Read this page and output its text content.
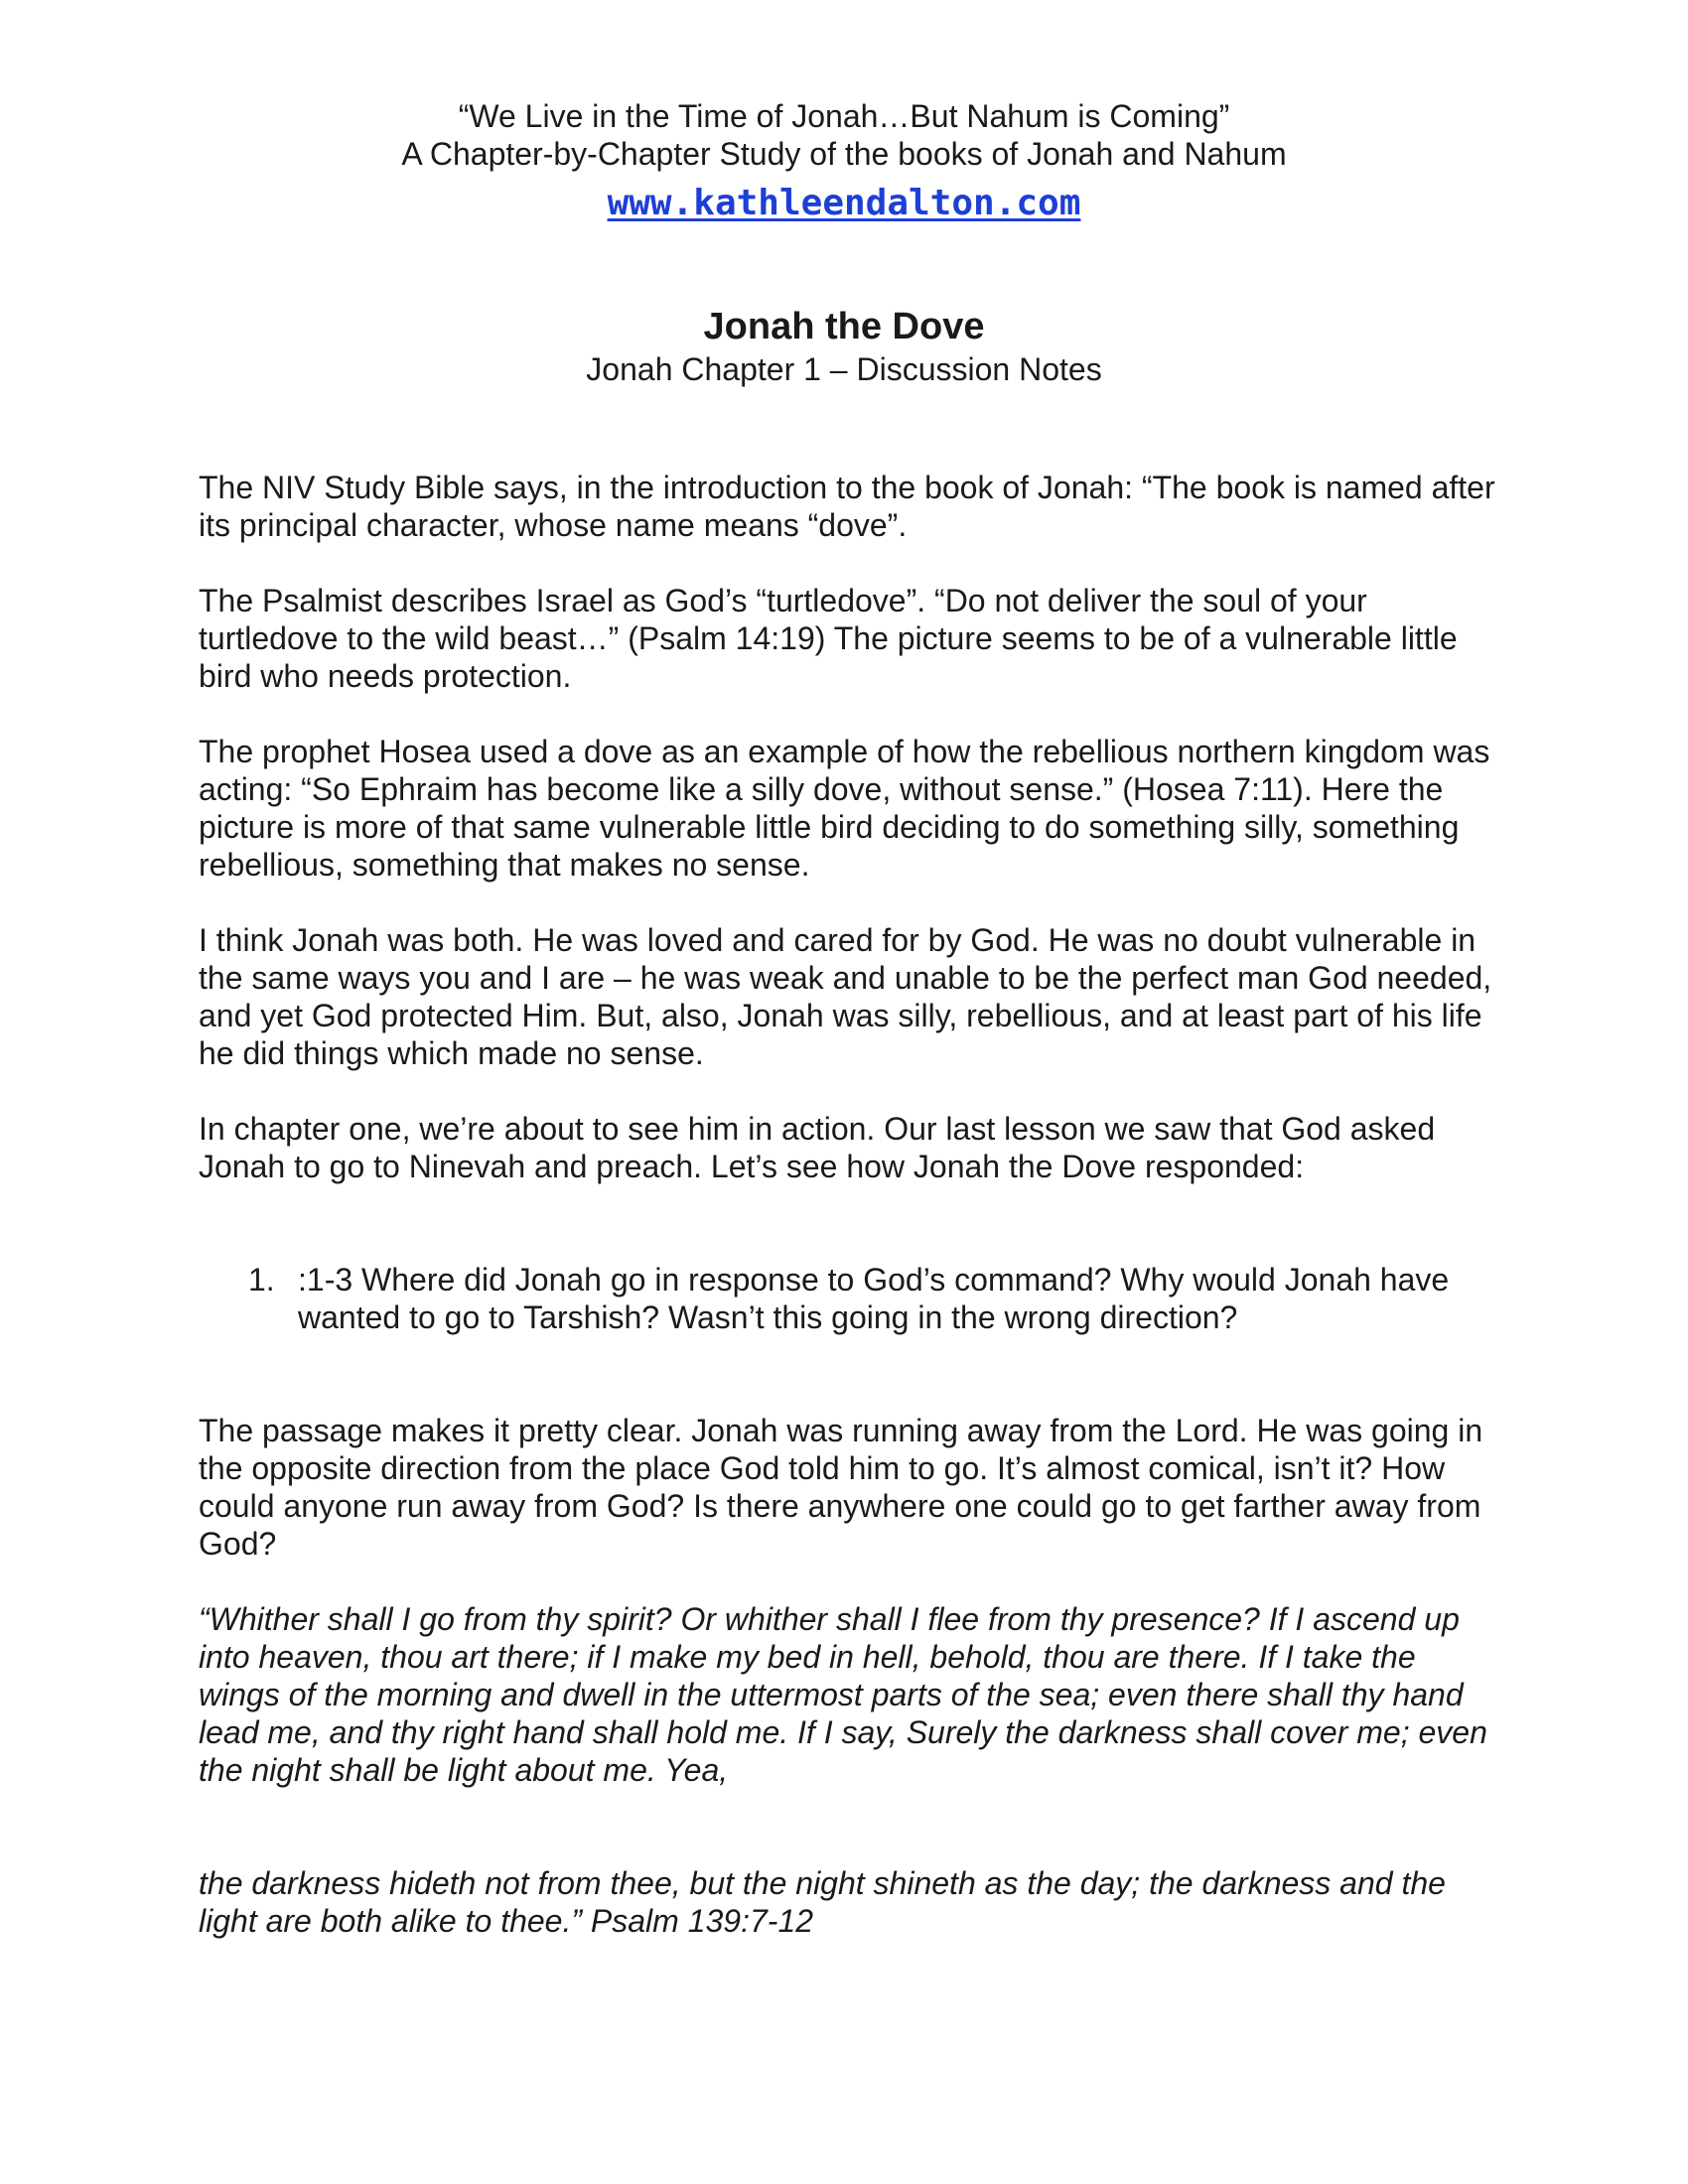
“We Live in the Time of Jonah…But Nahum is Coming”
A Chapter-by-Chapter Study of the books of Jonah and Nahum
www.kathleendalton.com
Jonah the Dove
Jonah Chapter 1 – Discussion Notes

The NIV Study Bible says, in the introduction to the book of Jonah: “The book is named after its principal character, whose name means “dove”.

The Psalmist describes Israel as God’s “turtledove”. “Do not deliver the soul of your turtledove to the wild beast…” (Psalm 14:19) The picture seems to be of a vulnerable little bird who needs protection.

The prophet Hosea used a dove as an example of how the rebellious northern kingdom was acting: “So Ephraim has become like a silly dove, without sense.” (Hosea 7:11). Here the picture is more of that same vulnerable little bird deciding to do something silly, something rebellious, something that makes no sense.

I think Jonah was both. He was loved and cared for by God. He was no doubt vulnerable in the same ways you and I are – he was weak and unable to be the perfect man God needed, and yet God protected Him. But, also, Jonah was silly, rebellious, and at least part of his life he did things which made no sense.

In chapter one, we’re about to see him in action. Our last lesson we saw that God asked Jonah to go to Ninevah and preach. Let’s see how Jonah the Dove responded:

1. :1-3 Where did Jonah go in response to God’s command? Why would Jonah have wanted to go to Tarshish? Wasn’t this going in the wrong direction?

The passage makes it pretty clear. Jonah was running away from the Lord. He was going in the opposite direction from the place God told him to go. It’s almost comical, isn’t it? How could anyone run away from God? Is there anywhere one could go to get farther away from God?

“Whither shall I go from thy spirit? Or whither shall I flee from thy presence? If I ascend up into heaven, thou art there; if I make my bed in hell, behold, thou are there. If I take the wings of the morning and dwell in the uttermost parts of the sea; even there shall thy hand lead me, and thy right hand shall hold me. If I say, Surely the darkness shall cover me; even the night shall be light about me. Yea,

the darkness hideth not from thee, but the night shineth as the day; the darkness and the light are both alike to thee.” Psalm 139:7-12
